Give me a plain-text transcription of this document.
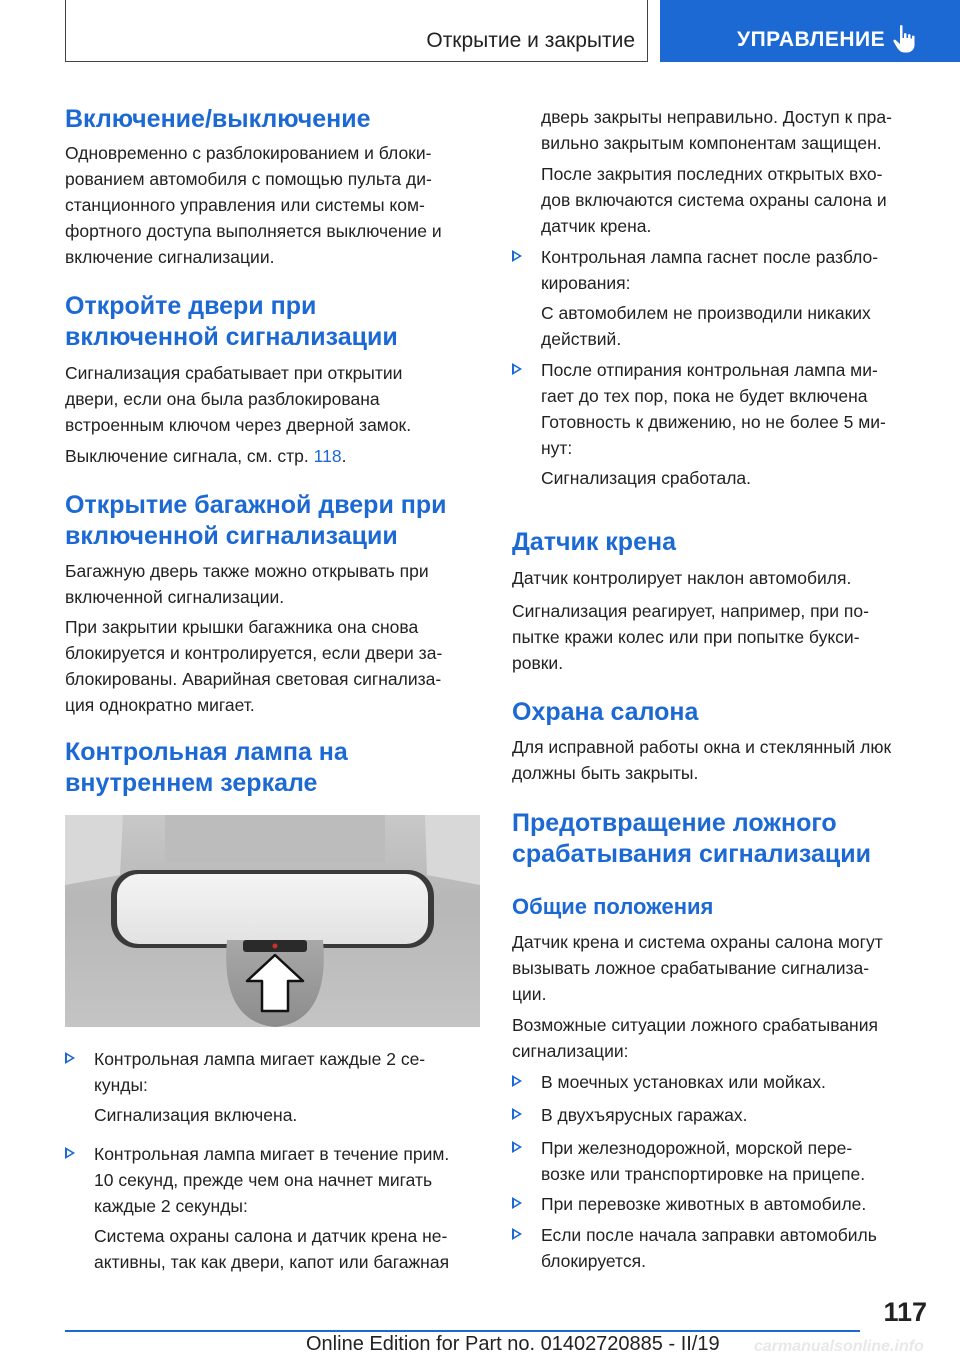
Открытие и закрытие	УПРАВЛЕНИЕ
Включение/выключение

Одновременно с разблокированием и блоки-
рованием автомобиля с помощью пульта ди-
станционного управления или системы ком-
фортного доступа выполняется выключение и
включение сигнализации.

Откройте двери при
включенной сигнализации

Сигнализация срабатывает при открытии
двери, если она была разблокирована
встроенным ключом через дверной замок.

Выключение сигнала, см. стр. 118.

Открытие багажной двери при
включенной сигнализации

Багажную дверь также можно открывать при
включенной сигнализации.

При закрытии крышки багажника она снова
блокируется и контролируется, если двери за-
блокированы. Аварийная световая сигнализа-
ция однократно мигает.

Контрольная лампа на
внутреннем зеркале

Контрольная лампа мигает каждые 2 се-
кунды:

Сигнализация включена.

Контрольная лампа мигает в течение прим.
10 секунд, прежде чем она начнет мигать
каждые 2 секунды:

Система охраны салона и датчик крена не-
активны, так как двери, капот или багажная

дверь закрыты неправильно. Доступ к пра-
вильно закрытым компонентам защищен.

После закрытия последних открытых вхо-
дов включаются система охраны салона и
датчик крена.

Контрольная лампа гаснет после разбло-
кирования:

С автомобилем не производили никаких
действий.

После отпирания контрольная лампа ми-
гает до тех пор, пока не будет включена
Готовность к движению, но не более 5 ми-
нут:

Сигнализация сработала.

Датчик крена

Датчик контролирует наклон автомобиля.

Сигнализация реагирует, например, при по-
пытке кражи колес или при попытке букси-
ровки.

Охрана салона

Для исправной работы окна и стеклянный люк
должны быть закрыты.

Предотвращение ложного
срабатывания сигнализации
Общие положения

Датчик крена и система охраны салона могут
вызывать ложное срабатывание сигнализа-
ции.

Возможные ситуации ложного срабатывания
сигнализации:

В моечных установках или мойках.

В двухъярусных гаражах.

При железнодорожной, морской пере-
возке или транспортировке на прицепе.

При перевозке животных в автомобиле.

Если после начала заправки автомобиль
блокируется.

117
Online Edition for Part no. 01402720885 - II/19 carmanualsonline.info
